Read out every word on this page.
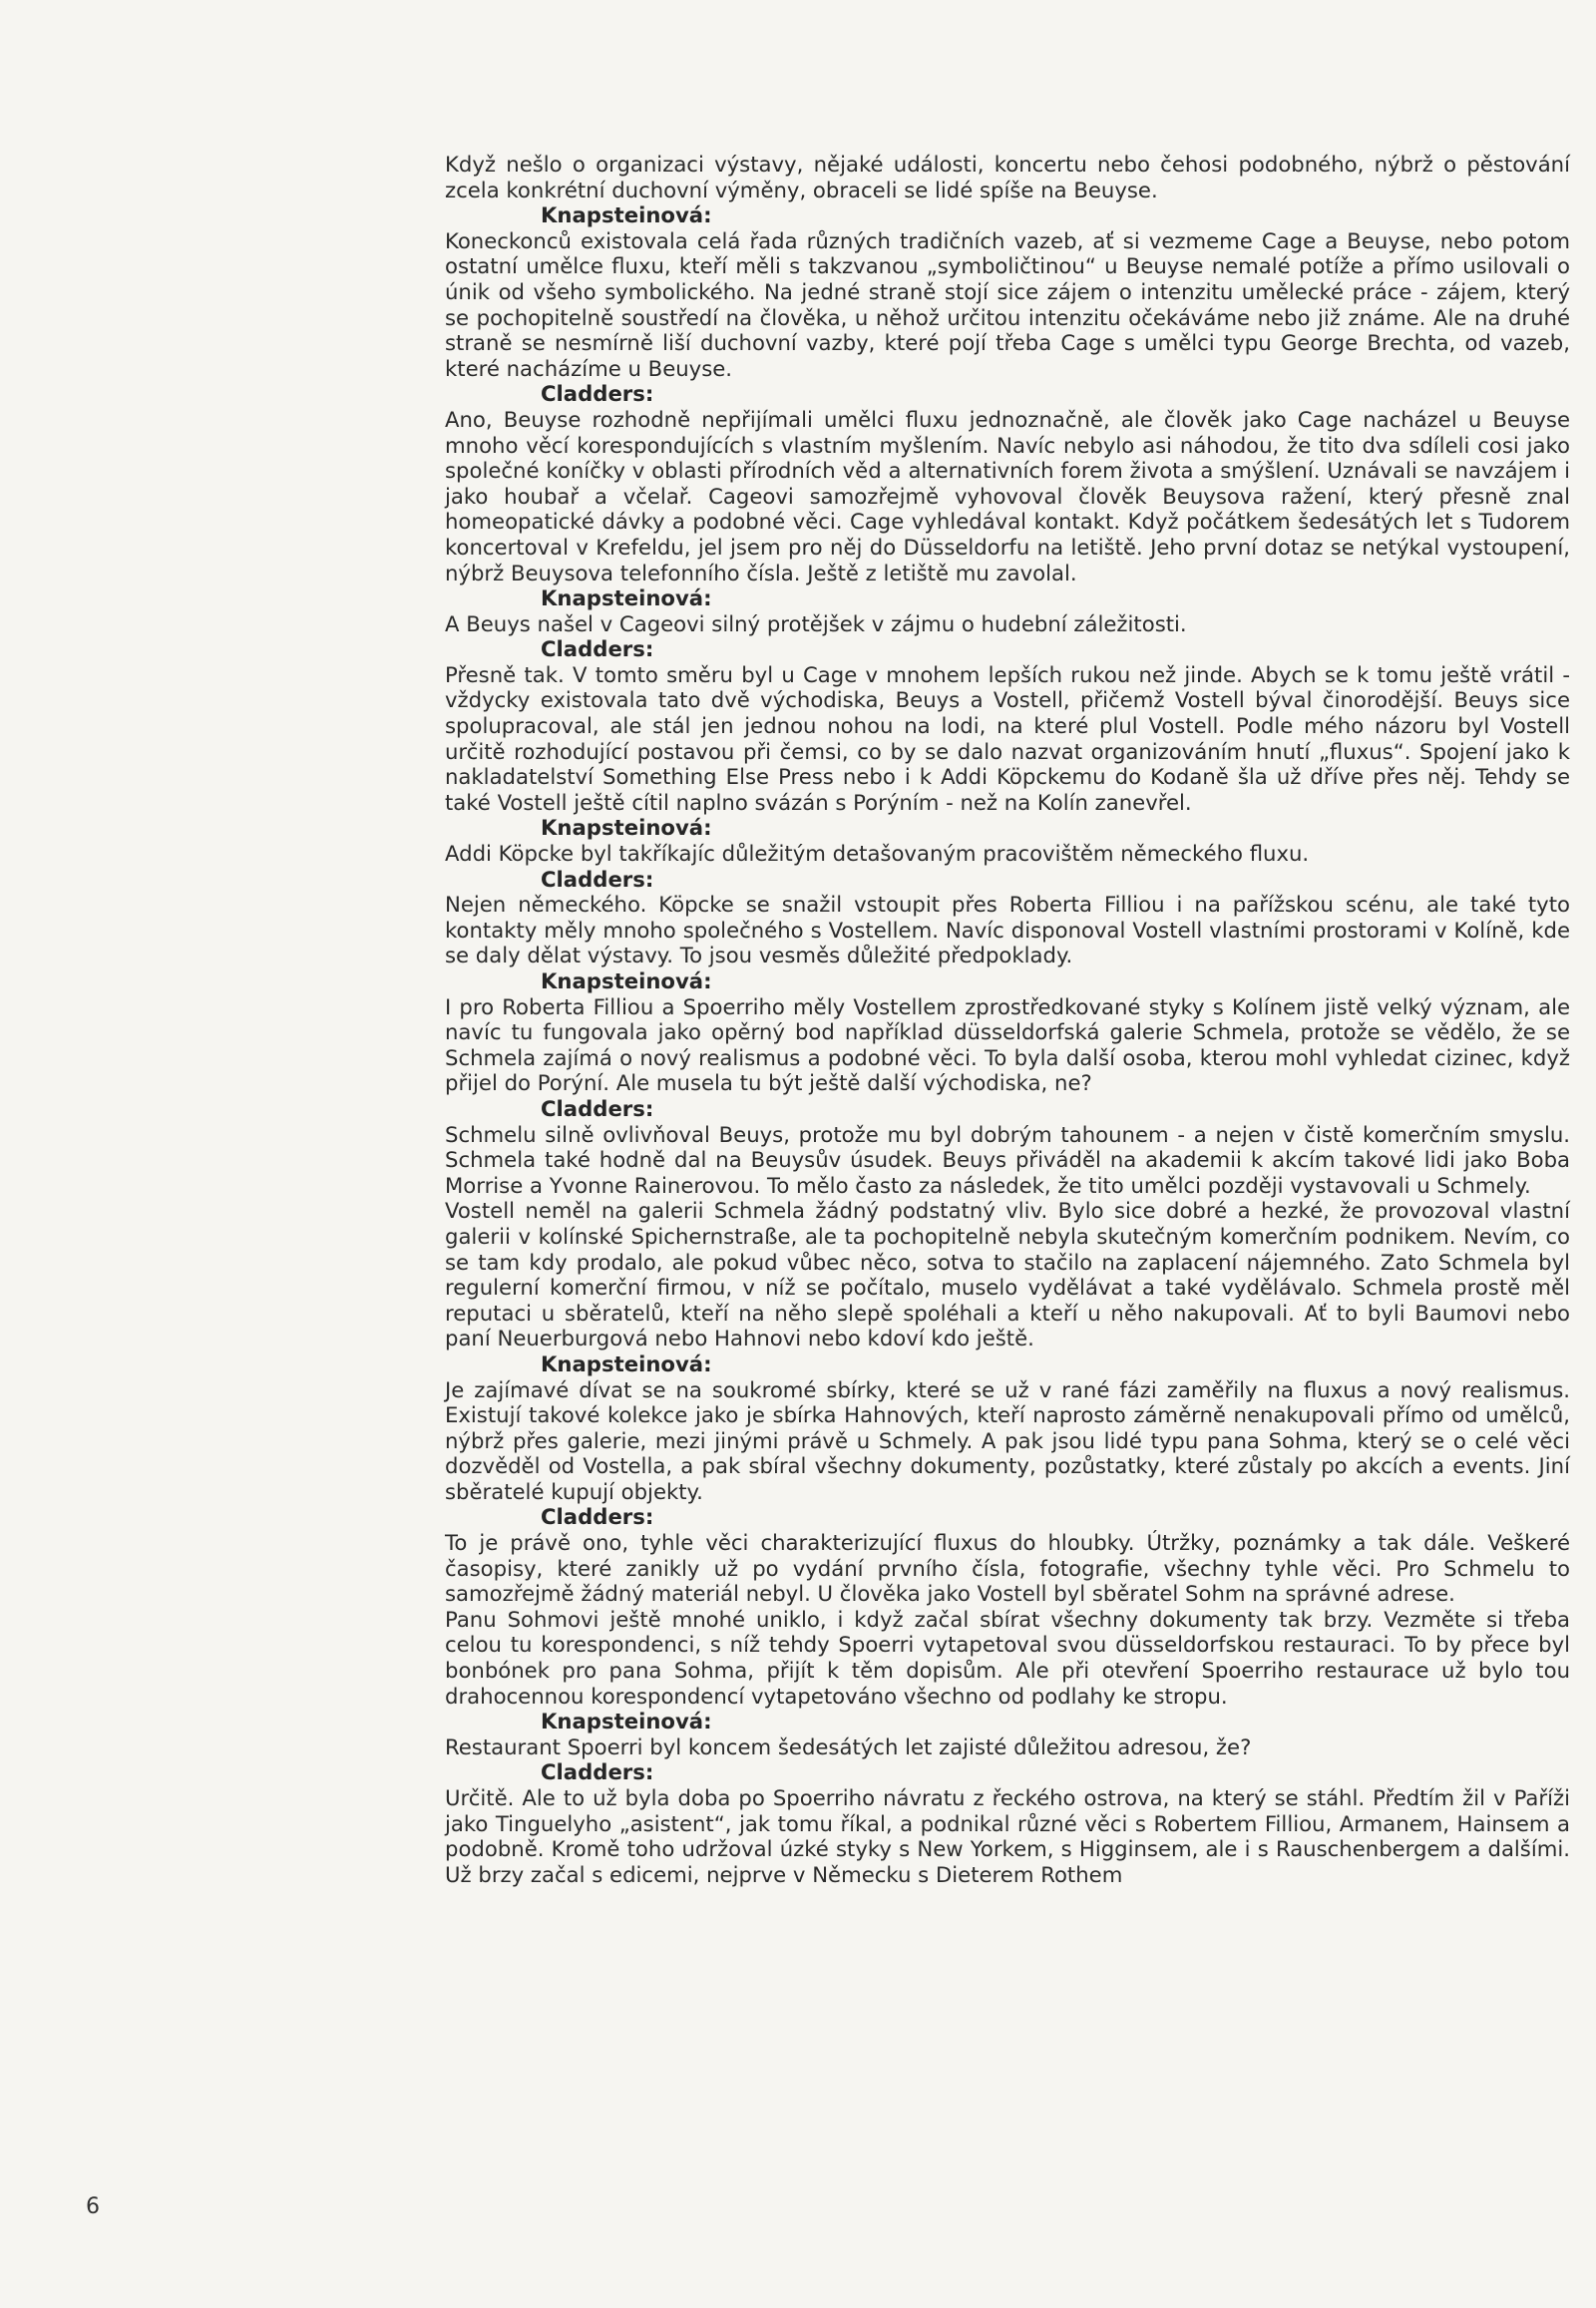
Když nešlo o organizaci výstavy, nějaké události, koncertu nebo čehosi podobného, nýbrž o pěstování zcela konkrétní duchovní výměny, obraceli se lidé spíše na Beuyse.
Knapsteinová:
Koneckonců existovala celá řada různých tradičních vazeb, ať si vezmeme Cage a Beuyse, nebo potom ostatní umělce fluxu, kteří měli s takzvanou „symboličtinou“ u Beuyse nemalé potíže a přímo usilovali o únik od všeho symbolického. Na jedné straně stojí sice zájem o intenzitu umělecké práce - zájem, který se pochopitelně soustředí na člověka, u něhož určitou intenzitu očekáváme nebo již známe. Ale na druhé straně se nesmírně liší duchovní vazby, které pojí třeba Cage s umělci typu George Brechta, od vazeb, které nacházíme u Beuyse.
Cladders:
Ano, Beuyse rozhodně nepřijímali umělci fluxu jednoznačně, ale člověk jako Cage nacházel u Beuyse mnoho věcí korespondujících s vlastním myšlením. Navíc nebylo asi náhodou, že tito dva sdíleli cosi jako společné koníčky v oblasti přírodních věd a alternativních forem života a smýšlení. Uznávali se navzájem i jako houbař a včelař. Cageovi samozřejmě vyhovoval člověk Beuysova ražení, který přesně znal homeopatické dávky a podobné věci. Cage vyhledával kontakt. Když počátkem šedesátých let s Tudorem koncertoval v Krefeldu, jel jsem pro něj do Düsseldorfu na letiště. Jeho první dotaz se netýkal vystoupení, nýbrž Beuysova telefonního čísla. Ještě z letiště mu zavolal.
Knapsteinová:
A Beuys našel v Cageovi silný protějšek v zájmu o hudební záležitosti.
Cladders:
Přesně tak. V tomto směru byl u Cage v mnohem lepších rukou než jinde. Abych se k tomu ještě vrátil - vždycky existovala tato dvě východiska, Beuys a Vostell, přičemž Vostell býval činorodější. Beuys sice spolupracoval, ale stál jen jednou nohou na lodi, na které plul Vostell. Podle mého názoru byl Vostell určitě rozhodující postavou při čemsi, co by se dalo nazvat organizováním hnutí „fluxus“. Spojení jako k nakladatelství Something Else Press nebo i k Addi Köpckemu do Kodaně šla už dříve přes něj. Tehdy se také Vostell ještě cítil naplno svázán s Porýním - než na Kolín zanevřel.
Knapsteinová:
Addi Köpcke byl takříkajíc důležitým detašovaným pracovištěm německého fluxu.
Cladders:
Nejen německého. Köpcke se snažil vstoupit přes Roberta Filliou i na pařížskou scénu, ale také tyto kontakty měly mnoho společného s Vostellem. Navíc disponoval Vostell vlastními prostorami v Kolíně, kde se daly dělat výstavy. To jsou vesměs důležité předpoklady.
Knapsteinová:
I pro Roberta Filliou a Spoerriho měly Vostellem zprostředkované styky s Kolínem jistě velký význam, ale navíc tu fungovala jako opěrný bod například düsseldorfská galerie Schmela, protože se vědělo, že se Schmela zajímá o nový realismus a podobné věci. To byla další osoba, kterou mohl vyhledat cizinec, když přijel do Porýní. Ale musela tu být ještě další východiska, ne?
Cladders:
Schmelu silně ovlivňoval Beuys, protože mu byl dobrým tahounem - a nejen v čistě komerčním smyslu. Schmela také hodně dal na Beuysův úsudek. Beuys přiváděl na akademii k akcím takové lidi jako Boba Morrise a Yvonne Rainerovou. To mělo často za následek, že tito umělci později vystavovali u Schmely.
Vostell neměl na galerii Schmela žádný podstatný vliv. Bylo sice dobré a hezké, že provozoval vlastní galerii v kolínské Spichernstraße, ale ta pochopitelně nebyla skutečným komerčním podnikem. Nevím, co se tam kdy prodalo, ale pokud vůbec něco, sotva to stačilo na zaplacení nájemného. Zato Schmela byl regulerní komerční firmou, v níž se počítalo, muselo vydělávat a také vydělávalo. Schmela prostě měl reputaci u sběratelů, kteří na něho slepě spoléhali a kteří u něho nakupovali. Ať to byli Baumovi nebo paní Neuerburgová nebo Hahnovi nebo kdoví kdo ještě.
Knapsteinová:
Je zajímavé dívat se na soukromé sbírky, které se už v rané fázi zaměřily na fluxus a nový realismus. Existují takové kolekce jako je sbírka Hahnových, kteří naprosto záměrně nenakupovali přímo od umělců, nýbrž přes galerie, mezi jinými právě u Schmely. A pak jsou lidé typu pana Sohma, který se o celé věci dozvěděl od Vostella, a pak sbíral všechny dokumenty, pozůstatky, které zůstaly po akcích a events. Jiní sběratelé kupují objekty.
Cladders:
To je právě ono, tyhle věci charakterizující fluxus do hloubky. Útržky, poznámky a tak dále. Veškeré časopisy, které zanikly už po vydání prvního čísla, fotografie, všechny tyhle věci. Pro Schmelu to samozřejmě žádný materiál nebyl. U člověka jako Vostell byl sběratel Sohm na správné adrese.
Panu Sohmovi ještě mnohé uniklo, i když začal sbírat všechny dokumenty tak brzy. Vezměte si třeba celou tu korespondenci, s níž tehdy Spoerri vytapetoval svou düsseldorfskou restauraci. To by přece byl bonbónek pro pana Sohma, přijít k těm dopisům. Ale při otevření Spoerriho restaurace už bylo tou drahocennou korespondencí vytapetováno všechno od podlahy ke stropu.
Knapsteinová:
Restaurant Spoerri byl koncem šedesátých let zajisté důležitou adresou, že?
Cladders:
Určitě. Ale to už byla doba po Spoerriho návratu z řeckého ostrova, na který se stáhl. Předtím žil v Paříži jako Tinguelyho „asistent“, jak tomu říkal, a podnikal různé věci s Robertem Filliou, Armanem, Hainsem a podobně. Kromě toho udržoval úzké styky s New Yorkem, s Higginsem, ale i s Rauschenbergem a dalšími. Už brzy začal s edicemi, nejprve v Německu s Dieterem Rothem
6
